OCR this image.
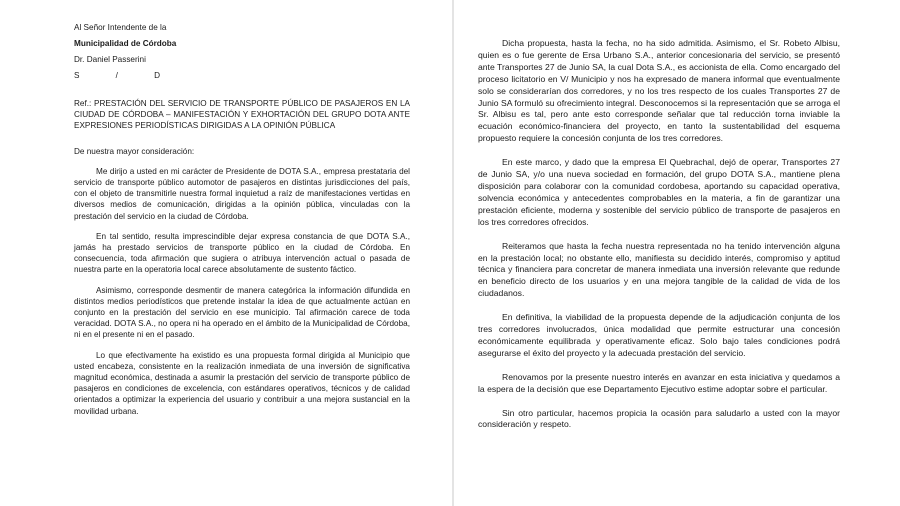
Al Señor Intendente de la
Municipalidad de Córdoba
Dr. Daniel Passerini
S	/	D

Ref.: PRESTACIÓN DEL SERVICIO DE TRANSPORTE PÚBLICO DE PASAJEROS EN LA CIUDAD DE CÓRDOBA – MANIFESTACIÓN Y EXHORTACIÓN DEL GRUPO DOTA ANTE EXPRESIONES PERIODÍSTICAS DIRIGIDAS A LA OPINIÓN PÚBLICA

De nuestra mayor consideración:

Me dirijo a usted en mi carácter de Presidente de DOTA S.A., empresa prestataria del servicio de transporte público automotor de pasajeros en distintas jurisdicciones del país, con el objeto de transmitirle nuestra formal inquietud a raíz de manifestaciones vertidas en diversos medios de comunicación, dirigidas a la opinión pública, vinculadas con la prestación del servicio en la ciudad de Córdoba.

En tal sentido, resulta imprescindible dejar expresa constancia de que DOTA S.A., jamás ha prestado servicios de transporte público en la ciudad de Córdoba. En consecuencia, toda afirmación que sugiera o atribuya intervención actual o pasada de nuestra parte en la operatoria local carece absolutamente de sustento fáctico.

Asimismo, corresponde desmentir de manera categórica la información difundida en distintos medios periodísticos que pretende instalar la idea de que actualmente actúan en conjunto en la prestación del servicio en ese municipio. Tal afirmación carece de toda veracidad. DOTA S.A., no opera ni ha operado en el ámbito de la Municipalidad de Córdoba, ni en el presente ni en el pasado.

Lo que efectivamente ha existido es una propuesta formal dirigida al Municipio que usted encabeza, consistente en la realización inmediata de una inversión de significativa magnitud económica, destinada a asumir la prestación del servicio de transporte público de pasajeros en condiciones de excelencia, con estándares operativos, técnicos y de calidad orientados a optimizar la experiencia del usuario y contribuir a una mejora sustancial en la movilidad urbana.

Dicha propuesta, hasta la fecha, no ha sido admitida. Asimismo, el Sr. Robeto Albisu, quien es o fue gerente de Ersa Urbano S.A., anterior concesionaria del servicio, se presentó ante Transportes 27 de Junio SA, la cual Dota S.A., es accionista de ella. Como encargado del proceso licitatorio en V/ Municipio y nos ha expresado de manera informal que eventualmente solo se considerarían dos corredores, y no los tres respecto de los cuales Transportes 27 de Junio SA formuló su ofrecimiento integral. Desconocemos si la representación que se arroga el Sr. Albisu es tal, pero ante esto corresponde señalar que tal reducción torna inviable la ecuación económico-financiera del proyecto, en tanto la sustentabilidad del esquema propuesto requiere la concesión conjunta de los tres corredores.

En este marco, y dado que la empresa El Quebrachal, dejó de operar, Transportes 27 de Junio SA, y/o una nueva sociedad en formación, del grupo DOTA S.A., mantiene plena disposición para colaborar con la comunidad cordobesa, aportando su capacidad operativa, solvencia económica y antecedentes comprobables en la materia, a fin de garantizar una prestación eficiente, moderna y sostenible del servicio público de transporte de pasajeros en los tres corredores ofrecidos.

Reiteramos que hasta la fecha nuestra representada no ha tenido intervención alguna en la prestación local; no obstante ello, manifiesta su decidido interés, compromiso y aptitud técnica y financiera para concretar de manera inmediata una inversión relevante que redunde en beneficio directo de los usuarios y en una mejora tangible de la calidad de vida de los ciudadanos.

En definitiva, la viabilidad de la propuesta depende de la adjudicación conjunta de los tres corredores involucrados, única modalidad que permite estructurar una concesión económicamente equilibrada y operativamente eficaz. Solo bajo tales condiciones podrá asegurarse el éxito del proyecto y la adecuada prestación del servicio.

Renovamos por la presente nuestro interés en avanzar en esta iniciativa y quedamos a la espera de la decisión que ese Departamento Ejecutivo estime adoptar sobre el particular.

Sin otro particular, hacemos propicia la ocasión para saludarlo a usted con la mayor consideración y respeto.
